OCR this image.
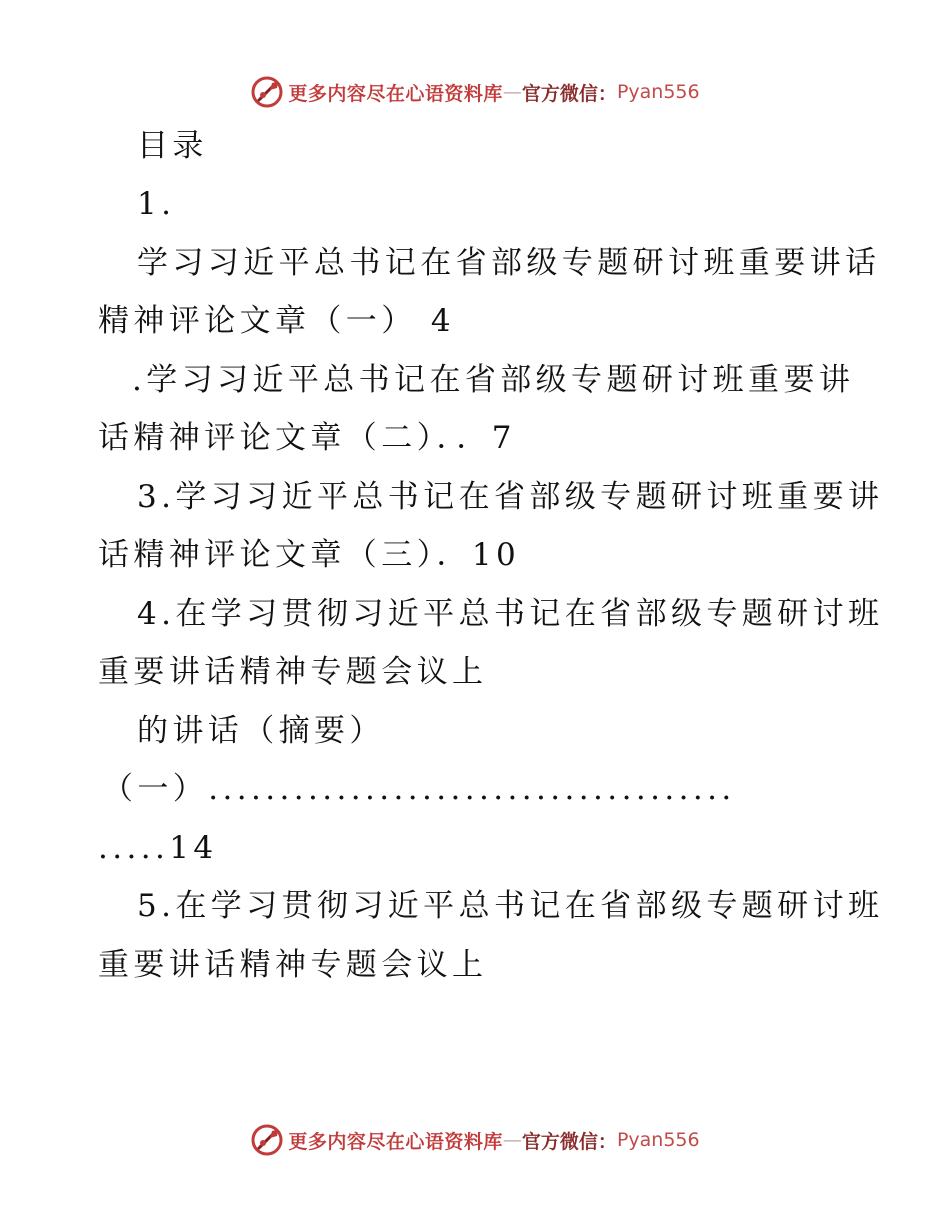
更多内容尽在心语资料库 — 官方微信： Pyan556
目录
1.
学习习近平总书记在省部级专题研讨班重要讲话
精神评论文章（一） 4
.学习习近平总书记在省部级专题研讨班重要讲
话精神评论文章（二）．．7
3.学习习近平总书记在省部级专题研讨班重要讲
话精神评论文章（三）．10
4.在学习贯彻习近平总书记在省部级专题研讨班
重要讲话精神专题会议上
的讲话（摘要）
（一）.....................................
.....14
5.在学习贯彻习近平总书记在省部级专题研讨班
重要讲话精神专题会议上
更多内容尽在心语资料库 — 官方微信： Pyan556
